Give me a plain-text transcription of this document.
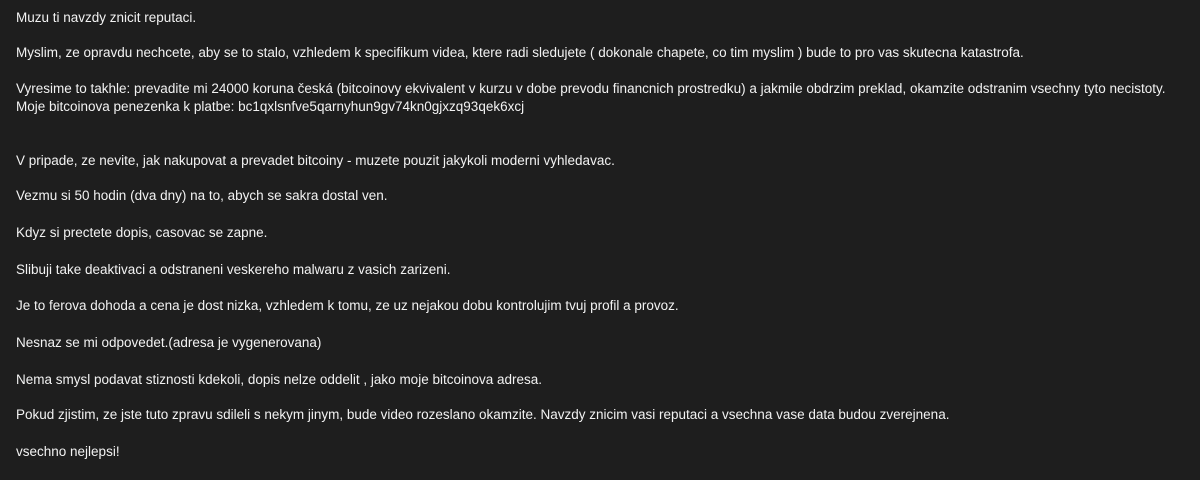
Muzu ti navzdy znicit reputaci.
Myslim, ze opravdu nechcete, aby se to stalo, vzhledem k specifikum videa, ktere radi sledujete ( dokonale chapete, co tim myslim ) bude to pro vas skutecna katastrofa.
Vyresime to takhle: prevadite mi 24000 koruna česká (bitcoinovy ekvivalent v kurzu v dobe prevodu financnich prostredku) a jakmile obdrzim preklad, okamzite odstranim vsechny tyto necistoty.
Moje bitcoinova penezenka k platbe: bc1qxlsnfve5qarnyhun9gv74kn0gjxzq93qek6xcj
V pripade, ze nevite, jak nakupovat a prevadet bitcoiny - muzete pouzit jakykoli moderni vyhledavac.
Vezmu si 50 hodin (dva dny) na to, abych se sakra dostal ven.
Kdyz si prectete dopis, casovac se zapne.
Slibuji take deaktivaci a odstraneni veskereho malwaru z vasich zarizeni.
Je to ferova dohoda a cena je dost nizka, vzhledem k tomu, ze uz nejakou dobu kontrolujim tvuj profil a provoz.
Nesnaz se mi odpovedet.(adresa je vygenerovana)
Nema smysl podavat stiznosti kdekoli, dopis nelze oddelit , jako moje bitcoinova adresa.
Pokud zjistim, ze jste tuto zpravu sdileli s nekym jinym, bude video rozeslano okamzite. Navzdy znicim vasi reputaci a vsechna vase data budou zverejnena.
vsechno nejlepsi!
